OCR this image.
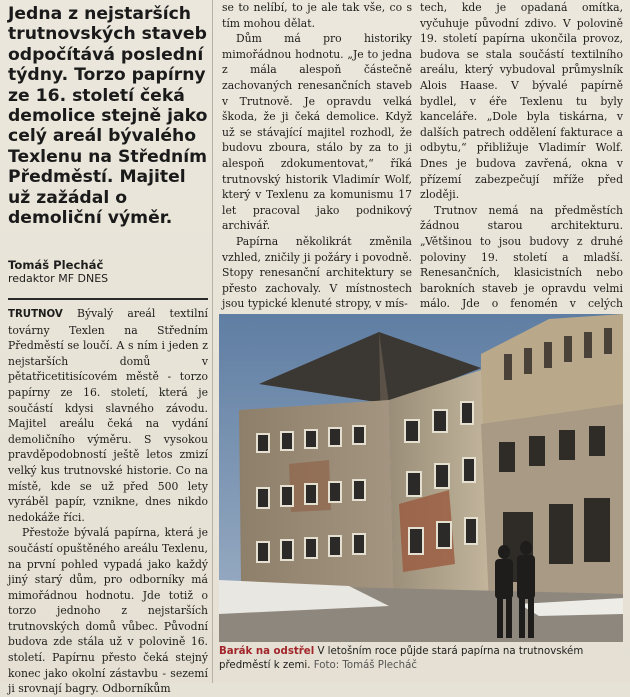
Jedna z nejstarších trutnovských staveb odpočítává poslední týdny. Torzo papírny ze 16. století čeká demolice stejně jako celý areál bývalého Texlenu na Středním Předměstí. Majitel už zažádal o demoliční výměr.
Tomáš Plecháč
redaktor MF DNES

TRUTNOV Bývalý areál textilní továrny Texlen na Středním Předměstí se loučí. A s ním i jeden z nejstarších domů v pětatřicetitisícovém městě - torzo papírny ze 16. století, která je součástí kdysi slavného závodu. Majitel areálu čeká na vydání demoličního výměru. S vysokou pravděpodobností ještě letos zmizí velký kus trutnovské historie. Co na místě, kde se už před 500 lety vyráběl papír, vznikne, dnes nikdo nedokáže říci.

Přestože bývalá papírna, která je součástí opuštěného areálu Texlenu, na první pohled vypadá jako každý jiný starý dům, pro odborníky má mimořádnou hodnotu. Jde totiž o torzo jednoho z nejstarších trutnovských domů vůbec. Původní budova zde stála už v polovině 16. století. Papírnu přesto čeká stejný konec jako okolní zástavbu - sezemí ji srovnají bagry. Odborníkům

se to nelíbí, to je ale tak vše, co s tím mohou dělat.

Dům má pro historiky mimořádnou hodnotu. „Je to jedna z mála alespoň částečně zachovaných renesančních staveb v Trutnově. Je opravdu velká škoda, že ji čeká demolice. Když už se stávající majitel rozhodl, že budovu zboura, stálo by za to ji alespoň zdokumentovat,“ říká trutnovský historik Vladimír Wolf, který v Texlenu za komunismu 17 let pracoval jako podnikový archivář.

Papírna několikrát změnila vzhled, zničily ji požáry i povodně. Stopy renesanční architektury se přesto zachovaly. V místnostech jsou typické klenuté stropy, v mís-

tech, kde je opadaná omítka, vyčuhuje původní zdivo. V polovině 19. století papírna ukončila provoz, budova se stala součástí textilního areálu, který vybudoval průmyslník Alois Haase. V bývalé papírně bydlel, v éře Texlenu tu byly kanceláře. „Dole byla tiskárna, v dalších patrech oddělení fakturace a odbytu,“ přibližuje Vladimír Wolf. Dnes je budova zavřená, okna v přízemí zabezpečují mříže před zloději.

Trutnov nemá na předměstích žádnou starou architekturu. „Většinou to jsou budovy z druhé poloviny 19. století a mladší. Renesančních, klasicistních nebo barokních staveb je opravdu velmi málo. Jde o fenomén v celých

Barák na odstřel V letošním roce půjde stará papírna na trutnovském předměstí k zemi. Foto: Tomáš Plecháč
